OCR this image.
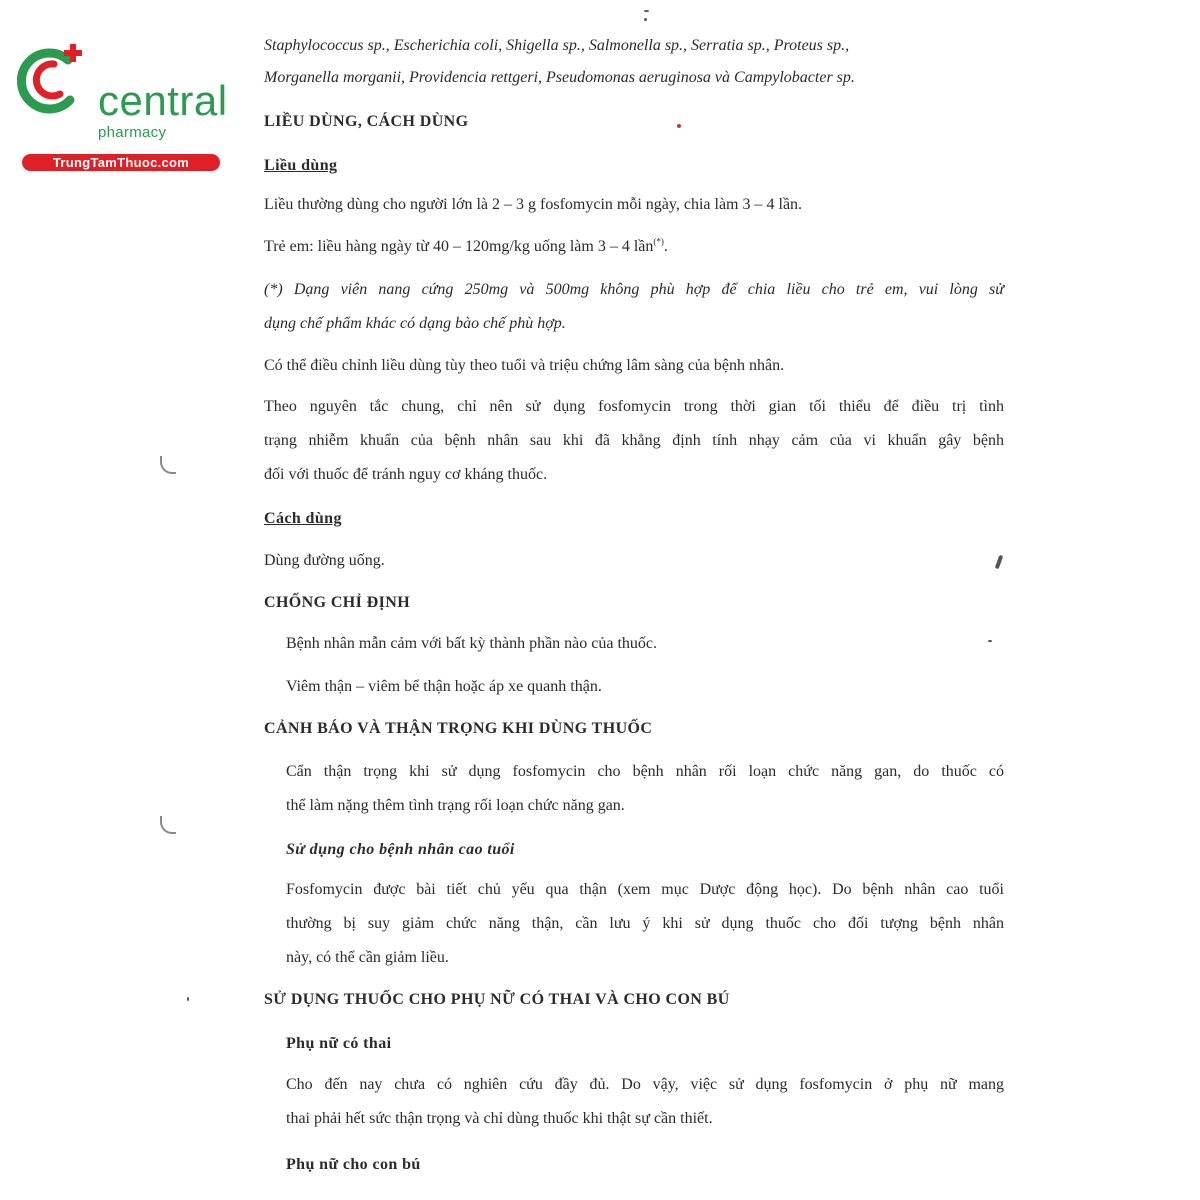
central

pharmacy
TrungTamThuoc.com

Staphylococcus sp., Escherichia coli, Shigella sp., Salmonella sp., Serratia sp., Proteus sp.,

Morganella morganii, Providencia rettgeri, Pseudomonas aeruginosa và Campylobacter sp.

LIỀU DÙNG, CÁCH DÙNG

Liều dùng

Liều thường dùng cho người lớn là 2 – 3 g fosfomycin mỗi ngày, chia làm 3 – 4 lần.

Trẻ em: liều hàng ngày từ 40 – 120mg/kg uống làm 3 – 4 lần(*).

(*) Dạng viên nang cứng 250mg và 500mg không phù hợp để chia liều cho trẻ em, vui lòng sử

dụng chế phẩm khác có dạng bào chế phù hợp.

Có thể điều chỉnh liều dùng tùy theo tuổi và triệu chứng lâm sàng của bệnh nhân.

Theo nguyên tắc chung, chỉ nên sử dụng fosfomycin trong thời gian tối thiểu để điều trị tình

trạng nhiễm khuẩn của bệnh nhân sau khi đã khẳng định tính nhạy cảm của vi khuẩn gây bệnh

đối với thuốc để tránh nguy cơ kháng thuốc.

Cách dùng

Dùng đường uống.

CHỐNG CHỈ ĐỊNH

Bệnh nhân mẫn cảm với bất kỳ thành phần nào của thuốc.

Viêm thận – viêm bể thận hoặc áp xe quanh thận.

CẢNH BÁO VÀ THẬN TRỌNG KHI DÙNG THUỐC

Cẩn thận trọng khi sử dụng fosfomycin cho bệnh nhân rối loạn chức năng gan, do thuốc có

thể làm nặng thêm tình trạng rối loạn chức năng gan.

Sử dụng cho bệnh nhân cao tuổi

Fosfomycin được bài tiết chủ yếu qua thận (xem mục Dược động học). Do bệnh nhân cao tuổi

thường bị suy giảm chức năng thận, cần lưu ý khi sử dụng thuốc cho đối tượng bệnh nhân

này, có thể cần giảm liều.

SỬ DỤNG THUỐC CHO PHỤ NỮ CÓ THAI VÀ CHO CON BÚ

Phụ nữ có thai

Cho đến nay chưa có nghiên cứu đầy đủ. Do vậy, việc sử dụng fosfomycin ở phụ nữ mang

thai phải hết sức thận trọng và chỉ dùng thuốc khi thật sự cần thiết.

Phụ nữ cho con bú
